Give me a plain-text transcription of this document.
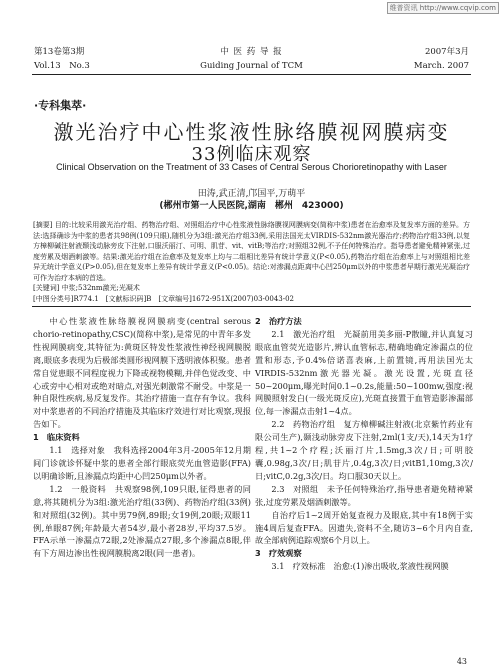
维普资讯 http://www.cqvip.com
第13卷第3期	中 医 药 导 报	2007年3月
Vol.13　No.3	Guiding Journal of TCM	March. 2007
·专科集萃·
激光治疗中心性浆液性脉络膜视网膜病变
33例临床观察
Clinical Observation on the Treatment of 33 Cases of Central Serous Chorioretinopathy with Laser
田涛,武正清,邝国平,万萌平
(郴州市第一人民医院,湖南　郴州　423000)
[摘要] 目的:比较采用激光治疗组、药物治疗组、对照组治疗中心性浆液性脉络膜视网膜病变(简称中浆)患者在治愈率及复发率方面的差异。方法:选择确诊为中浆的患者共98例(109只眼),随机分为3组:激光治疗组33例,采用法国光太VIRDIS-532nm激光器治疗;药物治疗组33例,以复方樟柳碱注射液颞浅动脉旁皮下注射,口服沃丽汀、可明、肌苷、vit、vitB;等治疗;对照组32例,不予任何特殊治疗。指导患者避免精神紧张,过度劳累及烟酒刺激等。结果:激光治疗组在治愈率及复发率上均与二组相比差异有统计学意义(P<0.05),药物治疗组在治愈率上与对照组相比差异无统计学意义(P>0.05),但在复发率上差异有统计学意义(P<0.05)。结论:对渗漏点距离中心凹250μm以外的中浆患者早期行激光光凝治疗可作为治疗本病的首选。
[关键词] 中浆;532nm激光;光凝术
[中图分类号]R774.1　[文献标识码]B　[文章编号]1672-951X(2007)03-0043-02

中心性浆液性脉络膜视网膜病变(central serous chorio-retinopathy,CSC)(简称中浆),是常见的中青年多发性视网膜病变,其特征为:黄斑区特发性浆液性神经视网膜脱离,眼底多表现为后极部类圆形视网膜下透明液体积聚。患者常自觉患眼不同程度视力下降或视物模糊,并伴色觉改变、中心或旁中心相对或绝对暗点,对强光刺激常不耐受。中浆是一种自限性疾病,易反复发作。其治疗措施一直存有争议。我科对中浆患者的不同治疗措施及其临床疗效进行对比观察,现报告如下。

1　临床资料

1.1　选择对象　我科选择2004年3月-2005年12月期间门诊就诊怀疑中浆的患者全部行眼底荧光血管造影(FFA)以明确诊断,且渗漏点均距中心凹250μm以外者。

1.2　一般资料　共观察98例,109只眼,征得患者的同意,将其随机分为3组:激光治疗组(33例)、药物治疗组(33例)和对照组(32例)。其中男79例,89眼;女19例,20眼;双眼11例,单眼87例;年龄最大者54岁,最小者28岁,平均37.5岁。FFA示单一渗漏点72眼,2处渗漏点27眼,多个渗漏点8眼,伴有下方周边渗出性视网膜脱离2眼(同一患者)。

2　治疗方法

2.1　激光治疗组　光凝前用美多丽-P散瞳,并认真复习眼底血管荧光造影片,辨认血管标志,精确地确定渗漏点的位置和形态,予0.4%倍诺喜表麻,上前置镜,再用法国光太VIRDIS-532nm激光器光凝。激光设置,光斑直径50~200μm,曝光时间0.1~0.2s,能量:50~100mw,强度:视网膜照射发白(一级光斑反应),光斑直接置于血管造影渗漏部位,每一渗漏点击射1~4点。

2.2　药物治疗组　复方樟柳碱注射液(北京紫竹药业有限公司生产),颞浅动脉旁皮下注射,2ml(1支/天),14天为1疗程,共1~2个疗程;沃丽汀片,1.5mg,3次/日;可明胶囊,0.98g,3次/日;肌苷片,0.4g,3次/日;vitB1,10mg,3次/日;vitC,0.2g,3次/日。均口服30天以上。

2.3　对照组　未予任何特殊治疗,指导患者避免精神紧张,过度劳累及烟酒刺激等。

自治疗后1~2周开始复查视力及眼底,其中有18例于实施4周后复查FFA。因遗失,资料不全,随访3~6个月内自查,故全部病例追踪观察6个月以上。

3　疗效观察

3.1　疗效标准　治愈:(1)渗出吸收,浆液性视网膜

43
